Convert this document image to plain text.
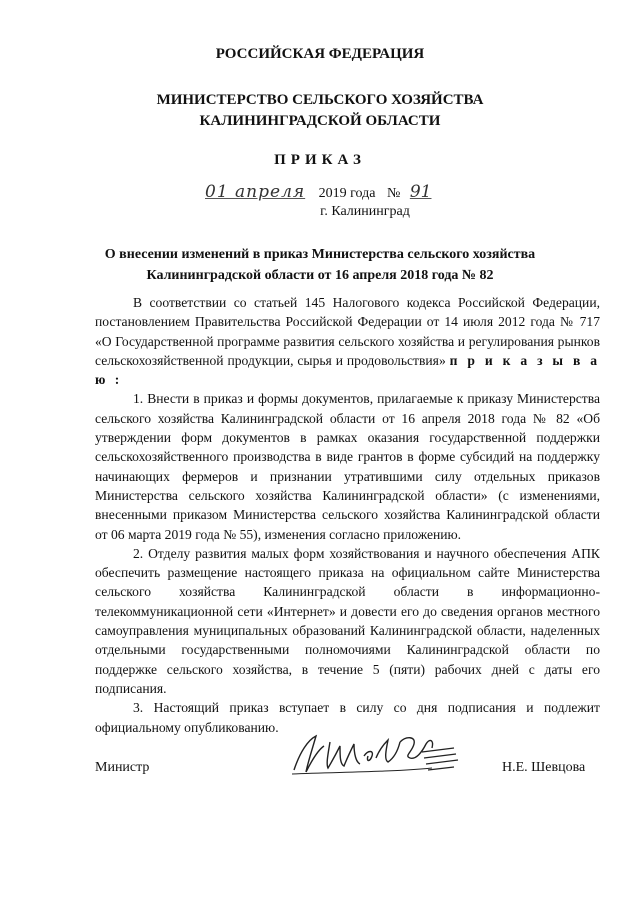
РОССИЙСКАЯ ФЕДЕРАЦИЯ
МИНИСТЕРСТВО СЕЛЬСКОГО ХОЗЯЙСТВА
КАЛИНИНГРАДСКОЙ ОБЛАСТИ
ПРИКАЗ
01 апреля 2019 года № 91
г. Калининград
О внесении изменений в приказ Министерства сельского хозяйства
Калининградской области от 16 апреля 2018 года № 82

В соответствии со статьей 145 Налогового кодекса Российской Федерации, постановлением Правительства Российской Федерации от 14 июля 2012 года № 717 «О Государственной программе развития сельского хозяйства и регулирования рынков сельскохозяйственной продукции, сырья и продовольствия» п р и к а з ы в а ю :

1. Внести в приказ и формы документов, прилагаемые к приказу Министерства сельского хозяйства Калининградской области от 16 апреля 2018 года № 82 «Об утверждении форм документов в рамках оказания государственной поддержки сельскохозяйственного производства в виде грантов в форме субсидий на поддержку начинающих фермеров и признании утратившими силу отдельных приказов Министерства сельского хозяйства Калининградской области» (с изменениями, внесенными приказом Министерства сельского хозяйства Калининградской области от 06 марта 2019 года № 55), изменения согласно приложению.

2. Отделу развития малых форм хозяйствования и научного обеспечения АПК обеспечить размещение настоящего приказа на официальном сайте Министерства сельского хозяйства Калининградской области в информационно-телекоммуникационной сети «Интернет» и довести его до сведения органов местного самоуправления муниципальных образований Калининградской области, наделенных отдельными государственными полномочиями Калининградской области по поддержке сельского хозяйства, в течение 5 (пяти) рабочих дней с даты его подписания.

3. Настоящий приказ вступает в силу со дня подписания и подлежит официальному опубликованию.

Министр	Н.Е. Шевцова
